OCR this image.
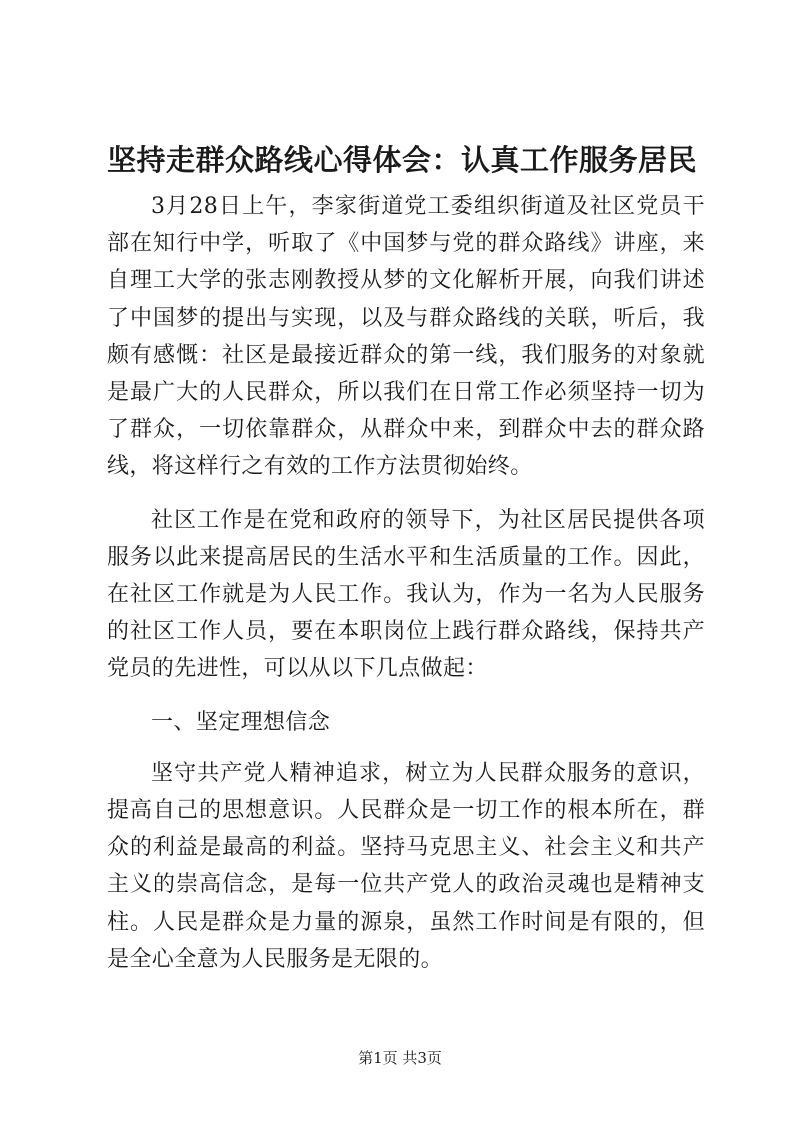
坚持走群众路线心得体会：认真工作服务居民

3月28日上午，李家街道党工委组织街道及社区党员干部在知行中学，听取了《中国梦与党的群众路线》讲座，来自理工大学的张志刚教授从梦的文化解析开展，向我们讲述了中国梦的提出与实现，以及与群众路线的关联，听后，我颇有感慨：社区是最接近群众的第一线，我们服务的对象就是最广大的人民群众，所以我们在日常工作必须坚持一切为了群众，一切依靠群众，从群众中来，到群众中去的群众路线，将这样行之有效的工作方法贯彻始终。

社区工作是在党和政府的领导下，为社区居民提供各项服务以此来提高居民的生活水平和生活质量的工作。因此，在社区工作就是为人民工作。我认为，作为一名为人民服务的社区工作人员，要在本职岗位上践行群众路线，保持共产党员的先进性，可以从以下几点做起：

一、坚定理想信念

坚守共产党人精神追求，树立为人民群众服务的意识，提高自己的思想意识。人民群众是一切工作的根本所在，群众的利益是最高的利益。坚持马克思主义、社会主义和共产主义的崇高信念，是每一位共产党人的政治灵魂也是精神支柱。人民是群众是力量的源泉，虽然工作时间是有限的，但是全心全意为人民服务是无限的。

第1页 共3页
